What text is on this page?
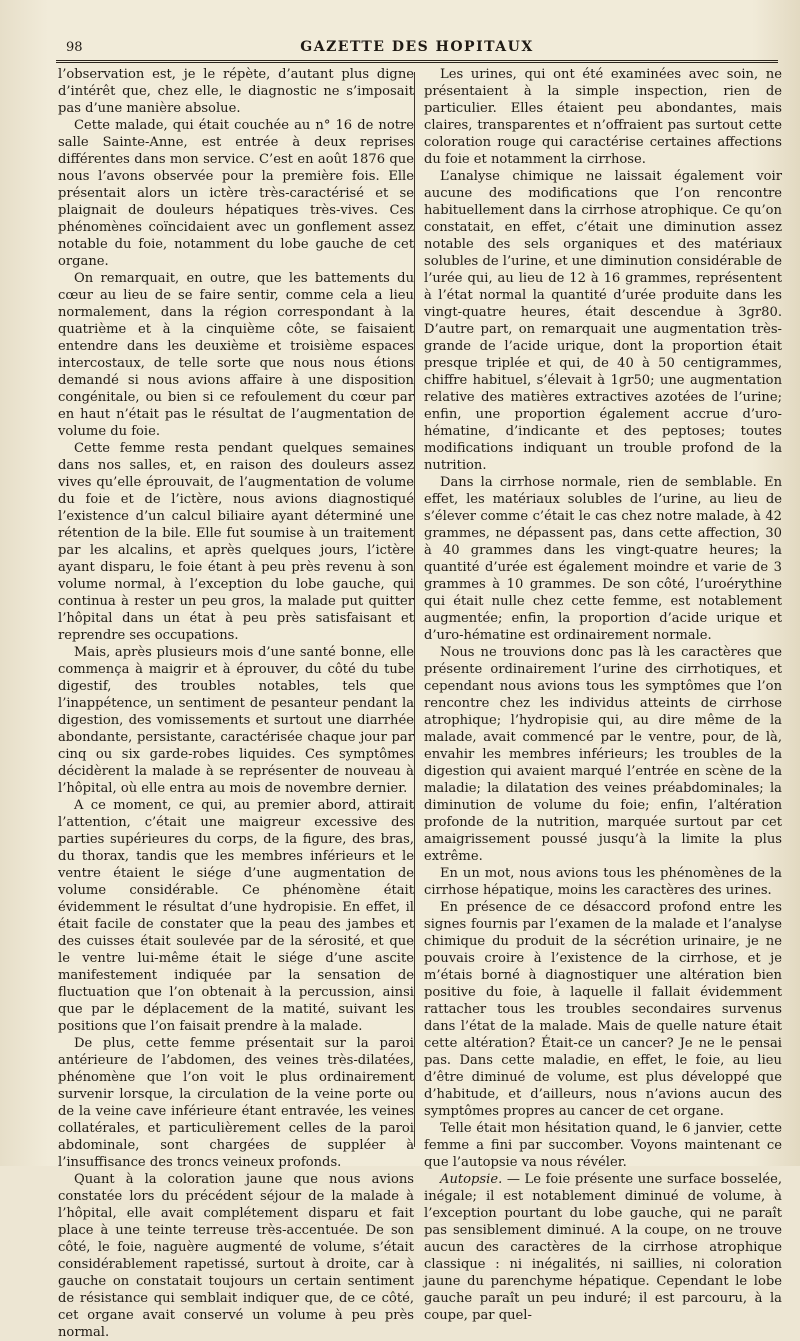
98	GAZETTE DES HOPITAUX

l’observation est, je le répète, d’autant plus digne d’intérêt que, chez elle, le diagnostic ne s’imposait pas d’une manière absolue.

Cette malade, qui était couchée au n° 16 de notre salle Sainte-Anne, est entrée à deux reprises différentes dans mon service. C’est en août 1876 que nous l’avons observée pour la première fois. Elle présentait alors un ictère très-caractérisé et se plaignait de douleurs hépatiques très-vives. Ces phénomènes coïncidaient avec un gonflement assez notable du foie, notamment du lobe gauche de cet organe.

On remarquait, en outre, que les battements du cœur au lieu de se faire sentir, comme cela a lieu normalement, dans la région correspondant à la quatrième et à la cinquième côte, se faisaient entendre dans les deuxième et troisième espaces intercostaux, de telle sorte que nous nous étions demandé si nous avions affaire à une disposition congénitale, ou bien si ce refoulement du cœur par en haut n’était pas le résultat de l’augmentation de volume du foie.

Cette femme resta pendant quelques semaines dans nos salles, et, en raison des douleurs assez vives qu’elle éprouvait, de l’augmentation de volume du foie et de l’ictère, nous avions diagnostiqué l’existence d’un calcul biliaire ayant déterminé une rétention de la bile. Elle fut soumise à un traitement par les alcalins, et après quelques jours, l’ictère ayant disparu, le foie étant à peu près revenu à son volume normal, à l’exception du lobe gauche, qui continua à rester un peu gros, la malade put quitter l’hôpital dans un état à peu près satisfaisant et reprendre ses occupations.

Mais, après plusieurs mois d’une santé bonne, elle commença à maigrir et à éprouver, du côté du tube digestif, des troubles notables, tels que l’inappétence, un sentiment de pesanteur pendant la digestion, des vomissements et surtout une diarrhée abondante, persistante, caractérisée chaque jour par cinq ou six garde-robes liquides. Ces symptômes décidèrent la malade à se représenter de nouveau à l’hôpital, où elle entra au mois de novembre dernier.

A ce moment, ce qui, au premier abord, attirait l’attention, c’était une maigreur excessive des parties supérieures du corps, de la figure, des bras, du thorax, tandis que les membres inférieurs et le ventre étaient le siége d’une augmentation de volume considérable. Ce phénomène était évidemment le résultat d’une hydropisie. En effet, il était facile de constater que la peau des jambes et des cuisses était soulevée par de la sérosité, et que le ventre lui-même était le siége d’une ascite manifestement indiquée par la sensation de fluctuation que l’on obtenait à la percussion, ainsi que par le déplacement de la matité, suivant les positions que l’on faisait prendre à la malade.

De plus, cette femme présentait sur la paroi antérieure de l’abdomen, des veines très-dilatées, phénomène que l’on voit le plus ordinairement survenir lorsque, la circulation de la veine porte ou de la veine cave inférieure étant entravée, les veines collatérales, et particulièrement celles de la paroi abdominale, sont chargées de suppléer à l’insuffisance des troncs veineux profonds.

Quant à la coloration jaune que nous avions constatée lors du précédent séjour de la malade à l’hôpital, elle avait complétement disparu et fait place à une teinte terreuse très-accentuée. De son côté, le foie, naguère augmenté de volume, s’était considérablement rapetissé, surtout à droite, car à gauche on constatait toujours un certain sentiment de résistance qui semblait indiquer que, de ce côté, cet organe avait conservé un volume à peu près normal.

Les urines, qui ont été examinées avec soin, ne présentaient à la simple inspection, rien de particulier. Elles étaient peu abondantes, mais claires, transparentes et n’offraient pas surtout cette coloration rouge qui caractérise certaines affections du foie et notamment la cirrhose.

L’analyse chimique ne laissait également voir aucune des modifications que l’on rencontre habituellement dans la cirrhose atrophique. Ce qu’on constatait, en effet, c’était une diminution assez notable des sels organiques et des matériaux solubles de l’urine, et une diminution considérable de l’urée qui, au lieu de 12 à 16 grammes, représentent à l’état normal la quantité d’urée produite dans les vingt-quatre heures, était descendue à 3gr80. D’autre part, on remarquait une augmentation très-grande de l’acide urique, dont la proportion était presque triplée et qui, de 40 à 50 centigrammes, chiffre habituel, s’élevait à 1gr50; une augmentation relative des matières extractives azotées de l’urine; enfin, une proportion également accrue d’uro-hématine, d’indicante et des peptoses; toutes modifications indiquant un trouble profond de la nutrition.

Dans la cirrhose normale, rien de semblable. En effet, les matériaux solubles de l’urine, au lieu de s’élever comme c’était le cas chez notre malade, à 42 grammes, ne dépassent pas, dans cette affection, 30 à 40 grammes dans les vingt-quatre heures; la quantité d’urée est également moindre et varie de 3 grammes à 10 grammes. De son côté, l’uroérythine qui était nulle chez cette femme, est notablement augmentée; enfin, la proportion d’acide urique et d’uro-hématine est ordinairement normale.

Nous ne trouvions donc pas là les caractères que présente ordinairement l’urine des cirrhotiques, et cependant nous avions tous les symptômes que l’on rencontre chez les individus atteints de cirrhose atrophique; l’hydropisie qui, au dire même de la malade, avait commencé par le ventre, pour, de là, envahir les membres inférieurs; les troubles de la digestion qui avaient marqué l’entrée en scène de la maladie; la dilatation des veines préabdominales; la diminution de volume du foie; enfin, l’altération profonde de la nutrition, marquée surtout par cet amaigrissement poussé jusqu’à la limite la plus extrême.

En un mot, nous avions tous les phénomènes de la cirrhose hépatique, moins les caractères des urines.

En présence de ce désaccord profond entre les signes fournis par l’examen de la malade et l’analyse chimique du produit de la sécrétion urinaire, je ne pouvais croire à l’existence de la cirrhose, et je m’étais borné à diagnostiquer une altération bien positive du foie, à laquelle il fallait évidemment rattacher tous les troubles secondaires survenus dans l’état de la malade. Mais de quelle nature était cette altération? Était-ce un cancer? Je ne le pensai pas. Dans cette maladie, en effet, le foie, au lieu d’être diminué de volume, est plus développé que d’habitude, et d’ailleurs, nous n’avions aucun des symptômes propres au cancer de cet organe.

Telle était mon hésitation quand, le 6 janvier, cette femme a fini par succomber. Voyons maintenant ce que l’autopsie va nous révéler.

Autopsie. — Le foie présente une surface bosselée, inégale; il est notablement diminué de volume, à l’exception pourtant du lobe gauche, qui ne paraît pas sensiblement diminué. A la coupe, on ne trouve aucun des caractères de la cirrhose atrophique classique : ni inégalités, ni saillies, ni coloration jaune du parenchyme hépatique. Cependant le lobe gauche paraît un peu induré; il est parcouru, à la coupe, par quel-
